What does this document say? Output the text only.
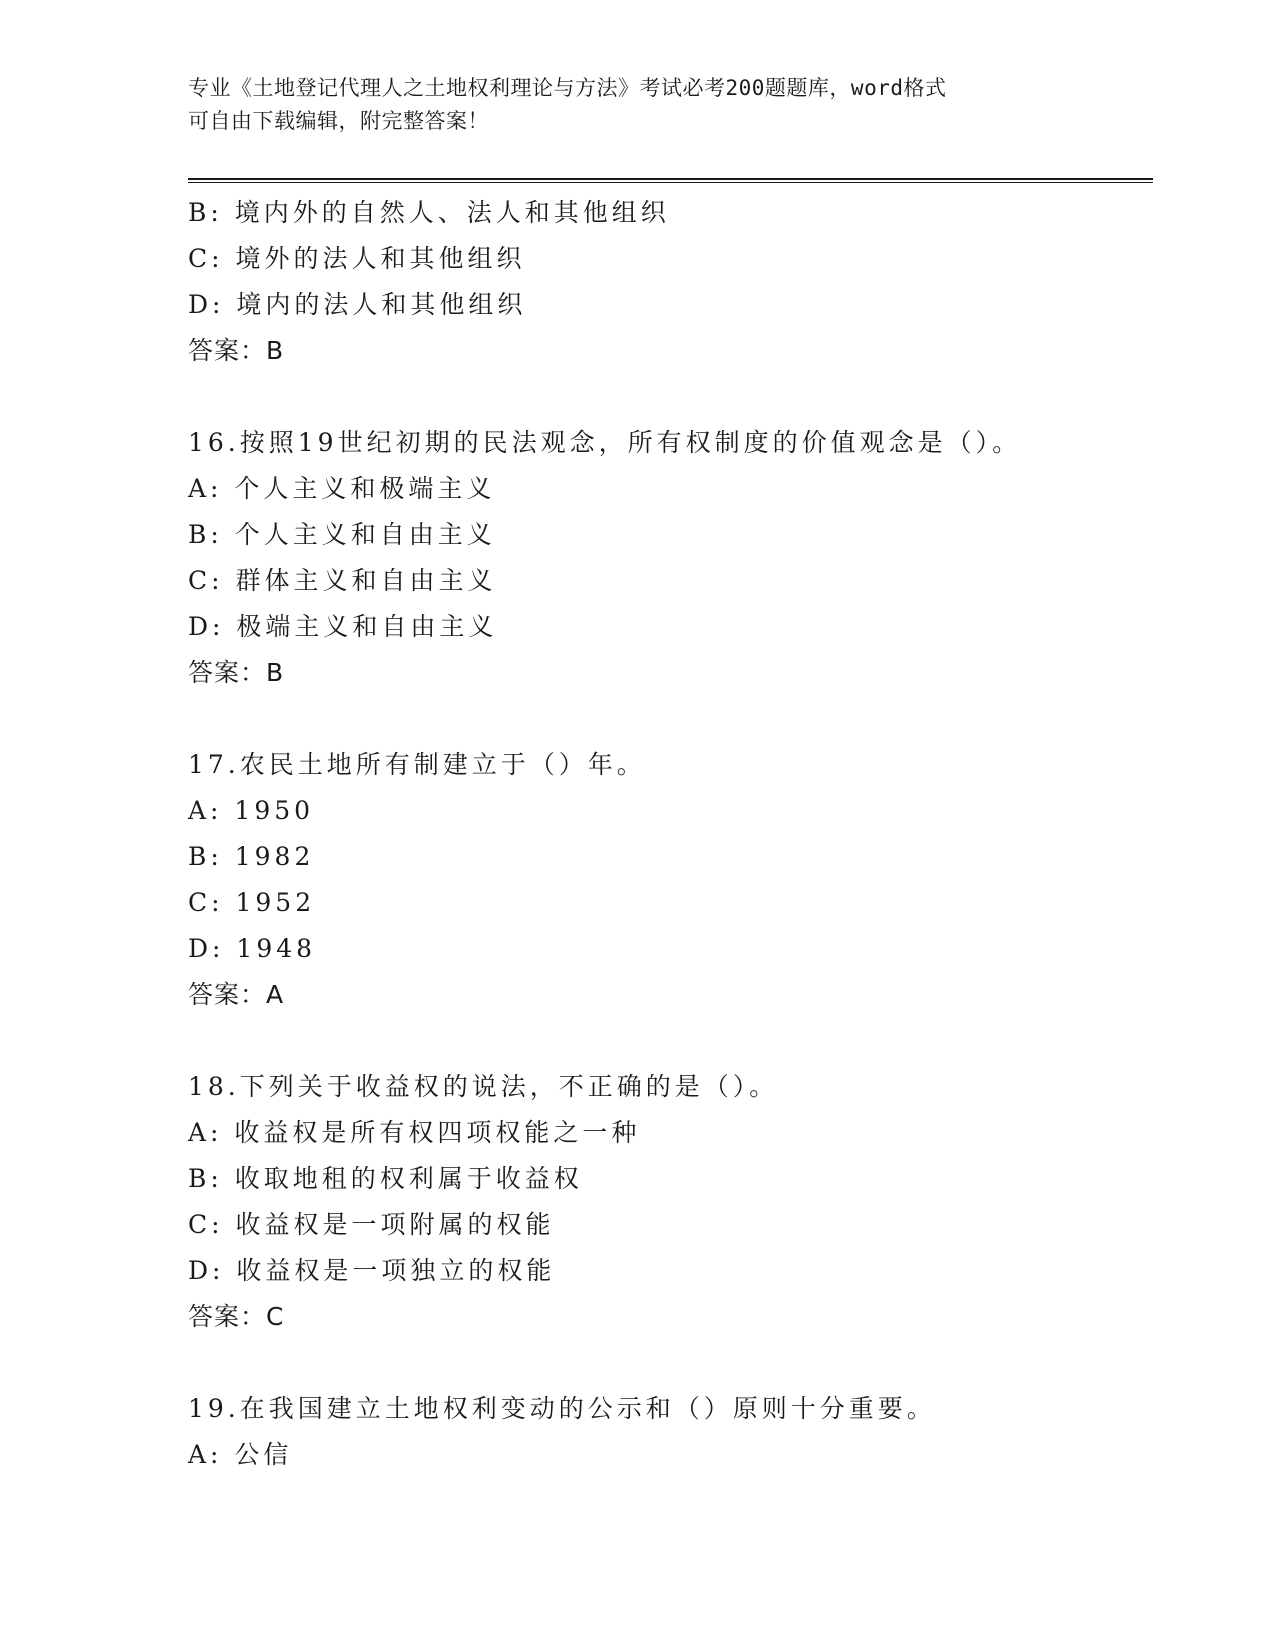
专业《土地登记代理人之土地权利理论与方法》考试必考200题题库，word格式
可自由下载编辑，附完整答案！
B: 境内外的自然人、法人和其他组织
C: 境外的法人和其他组织
D: 境内的法人和其他组织
答案：B
16.按照19世纪初期的民法观念，所有权制度的价值观念是（）。
A: 个人主义和极端主义
B: 个人主义和自由主义
C: 群体主义和自由主义
D: 极端主义和自由主义
答案：B
17.农民土地所有制建立于（）年。
A: 1950
B: 1982
C: 1952
D: 1948
答案：A
18.下列关于收益权的说法，不正确的是（）。
A: 收益权是所有权四项权能之一种
B: 收取地租的权利属于收益权
C: 收益权是一项附属的权能
D: 收益权是一项独立的权能
答案：C
19.在我国建立土地权利变动的公示和（）原则十分重要。
A: 公信
